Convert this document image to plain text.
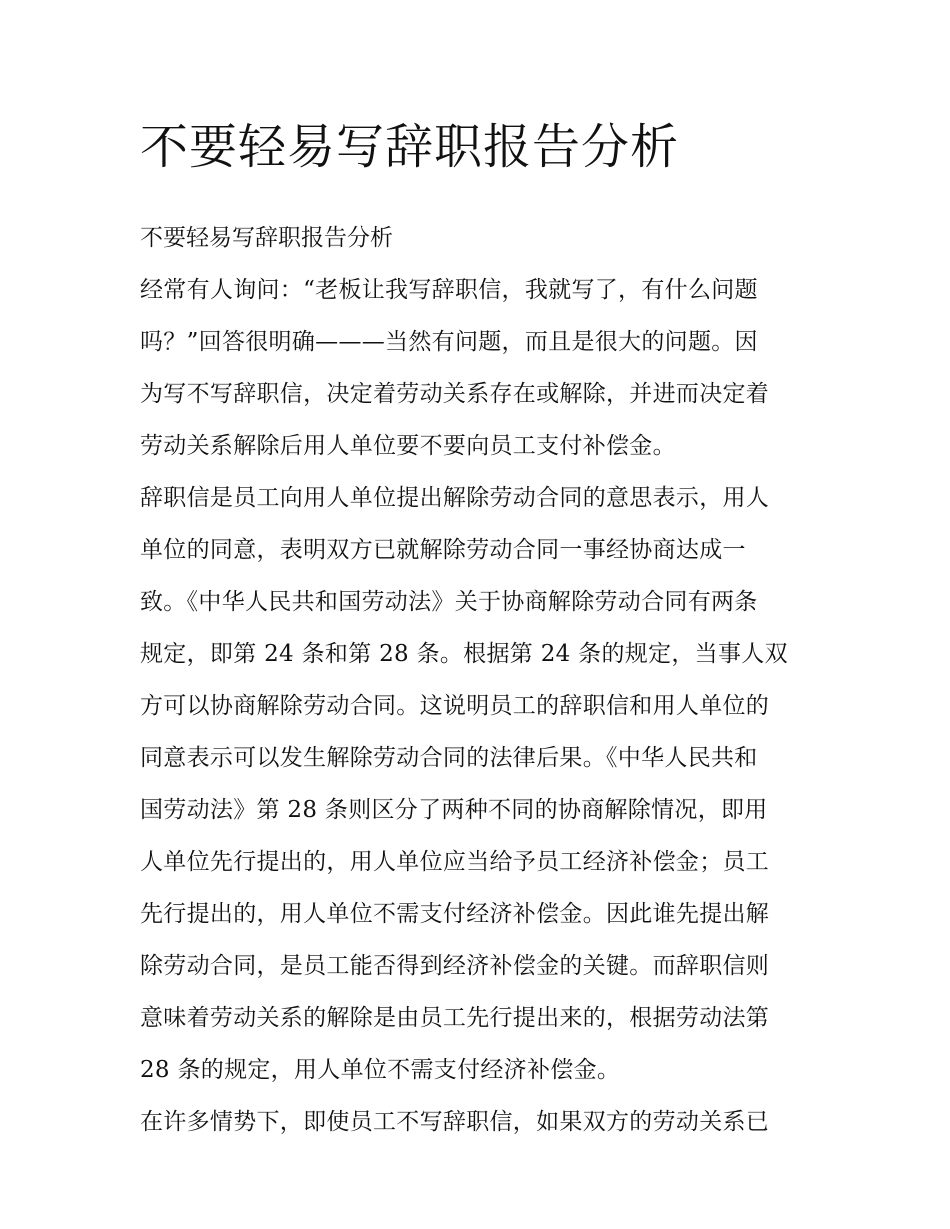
不要轻易写辞职报告分析

不要轻易写辞职报告分析

经常有人询问：“老板让我写辞职信，我就写了，有什么问题

吗？”回答很明确———当然有问题，而且是很大的问题。因

为写不写辞职信，决定着劳动关系存在或解除，并进而决定着

劳动关系解除后用人单位要不要向员工支付补偿金。

辞职信是员工向用人单位提出解除劳动合同的意思表示，用人

单位的同意，表明双方已就解除劳动合同一事经协商达成一

致。《中华人民共和国劳动法》关于协商解除劳动合同有两条

规定，即第 24 条和第 28 条。根据第 24 条的规定，当事人双

方可以协商解除劳动合同。这说明员工的辞职信和用人单位的

同意表示可以发生解除劳动合同的法律后果。《中华人民共和

国劳动法》第 28 条则区分了两种不同的协商解除情况，即用

人单位先行提出的，用人单位应当给予员工经济补偿金；员工

先行提出的，用人单位不需支付经济补偿金。因此谁先提出解

除劳动合同，是员工能否得到经济补偿金的关键。而辞职信则

意味着劳动关系的解除是由员工先行提出来的，根据劳动法第

28 条的规定，用人单位不需支付经济补偿金。

在许多情势下，即使员工不写辞职信，如果双方的劳动关系已
